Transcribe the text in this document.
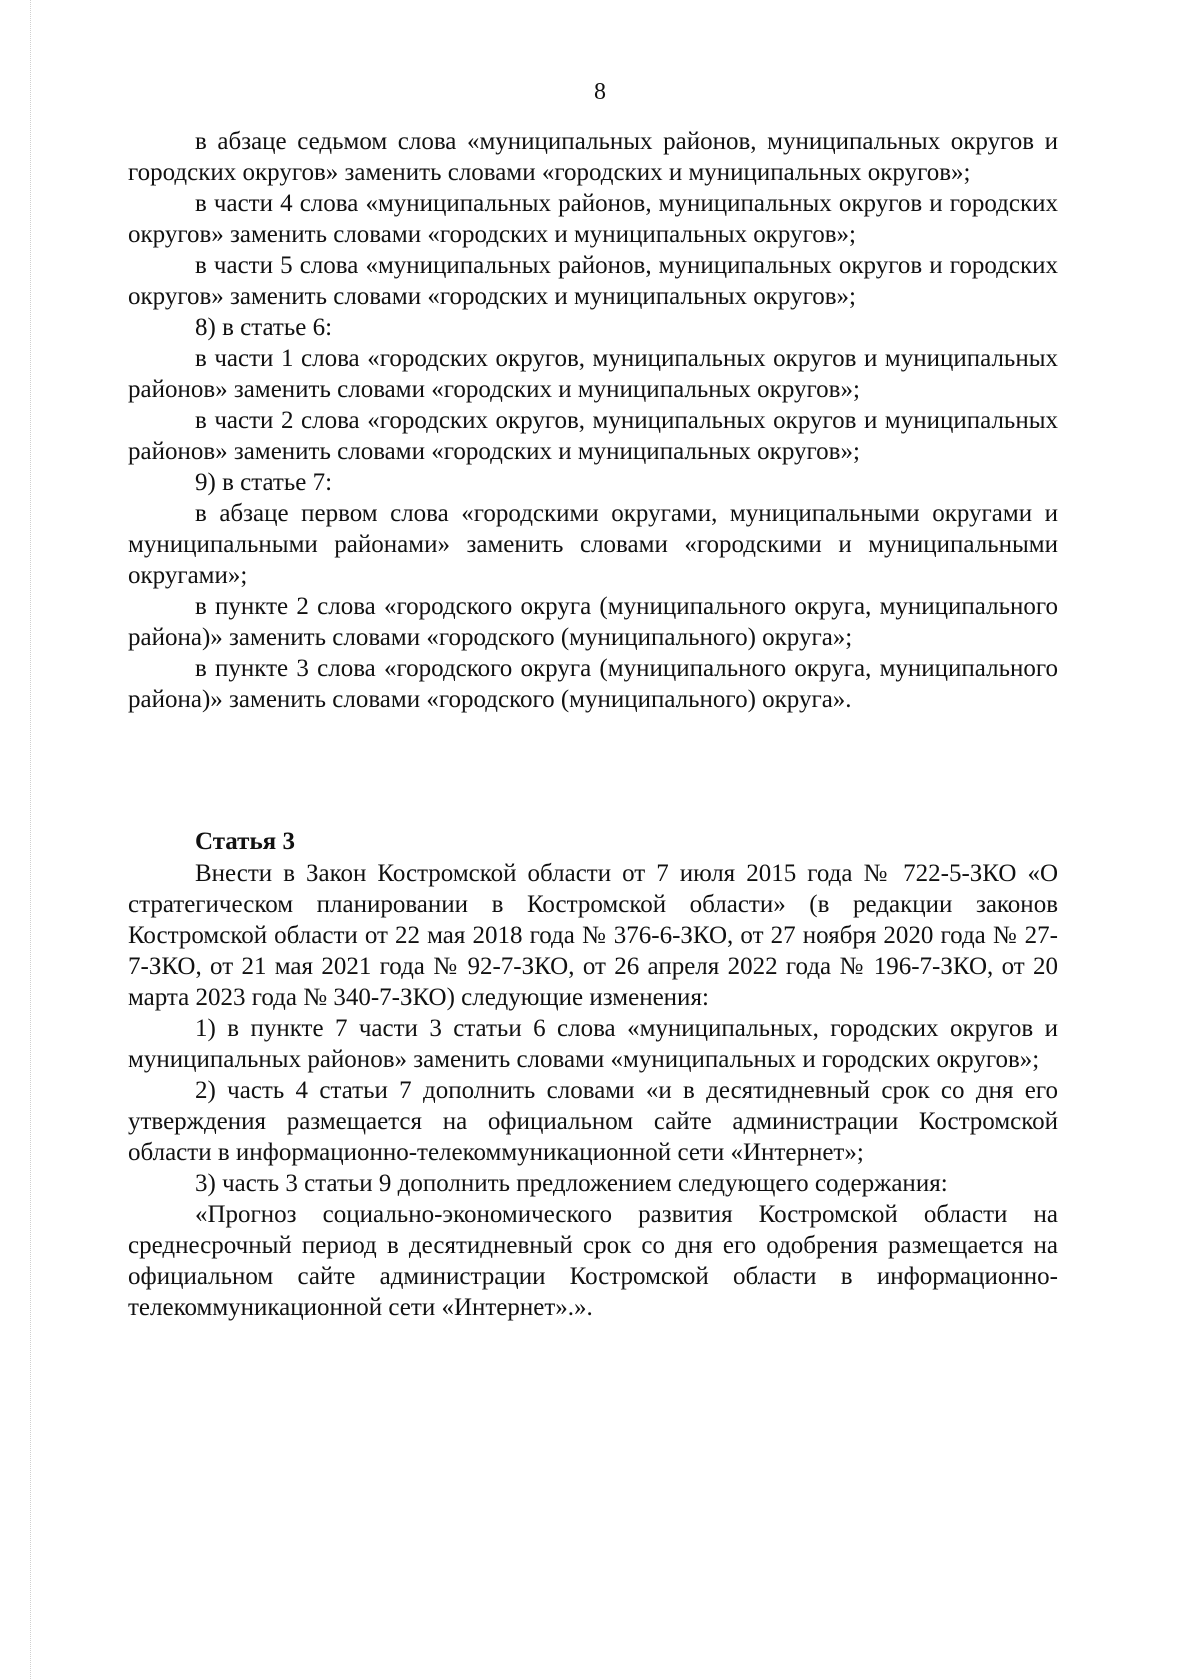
8

в абзаце седьмом слова «муниципальных районов, муниципальных округов и городских округов» заменить словами «городских и муниципальных округов»;

в части 4 слова «муниципальных районов, муниципальных округов и городских округов» заменить словами «городских и муниципальных округов»;

в части 5 слова «муниципальных районов, муниципальных округов и городских округов» заменить словами «городских и муниципальных округов»;

8) в статье 6:

в части 1 слова «городских округов, муниципальных округов и муниципальных районов» заменить словами «городских и муниципальных округов»;

в части 2 слова «городских округов, муниципальных округов и муниципальных районов» заменить словами «городских и муниципальных округов»;

9) в статье 7:

в абзаце первом слова «городскими округами, муниципальными округами и муниципальными районами» заменить словами «городскими и муниципальными округами»;

в пункте 2 слова «городского округа (муниципального округа, муниципального района)» заменить словами «городского (муниципального) округа»;

в пункте 3 слова «городского округа (муниципального округа, муниципального района)» заменить словами «городского (муниципального) округа».

Статья 3

Внести в Закон Костромской области от 7 июля 2015 года № 722-5-ЗКО «О стратегическом планировании в Костромской области» (в редакции законов Костромской области от 22 мая 2018 года № 376-6-ЗКО, от 27 ноября 2020 года № 27-7-ЗКО, от 21 мая 2021 года № 92-7-ЗКО, от 26 апреля 2022 года № 196-7-ЗКО, от 20 марта 2023 года № 340-7-ЗКО) следующие изменения:

1) в пункте 7 части 3 статьи 6 слова «муниципальных, городских округов и муниципальных районов» заменить словами «муниципальных и городских округов»;

2) часть 4 статьи 7 дополнить словами «и в десятидневный срок со дня его утверждения размещается на официальном сайте администрации Костромской области в информационно-телекоммуникационной сети «Интернет»;

3) часть 3 статьи 9 дополнить предложением следующего содержания:

«Прогноз социально-экономического развития Костромской области на среднесрочный период в десятидневный срок со дня его одобрения размещается на официальном сайте администрации Костромской области в информационно-телекоммуникационной сети «Интернет».».
